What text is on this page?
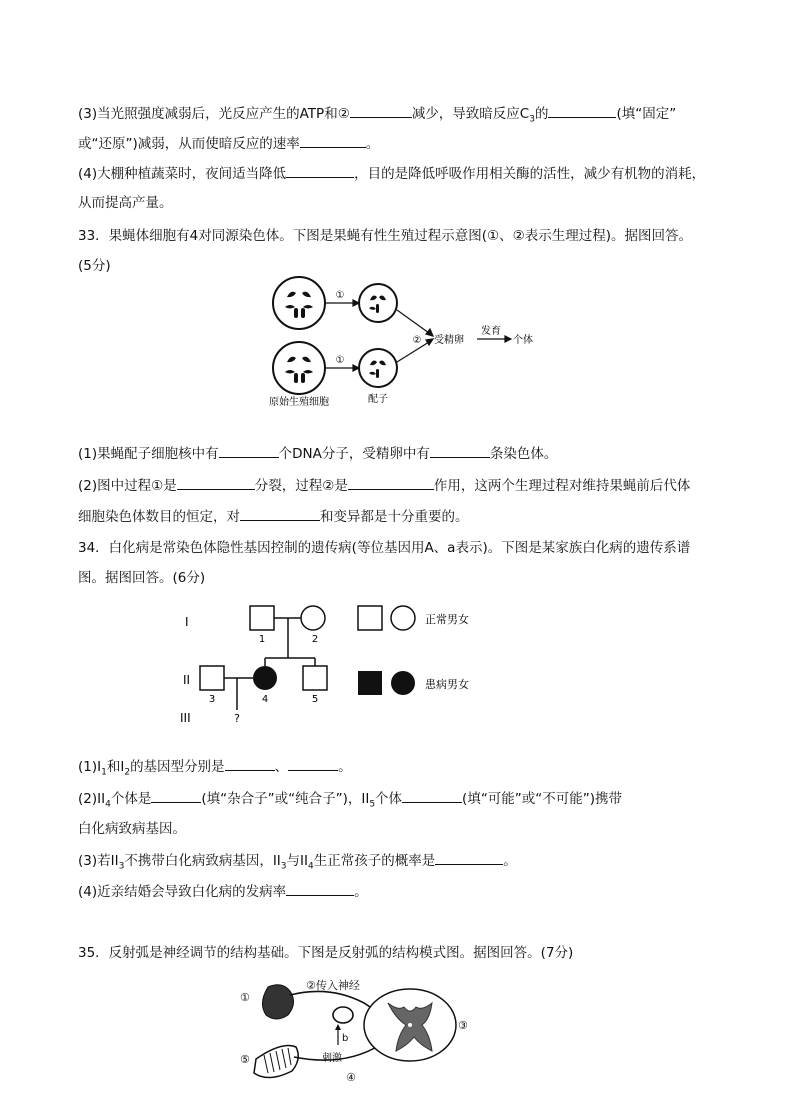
(3)当光照强度减弱后，光反应产生的ATP和②	减少，导致暗反应$C_3$的	(填“固定”
或“还原”)减弱，从而使暗反应的速率	。
(4)大棚种植蔬菜时，夜间适当降低	，目的是降低呼吸作用相关酶的活性，减少有机物的消耗，
从而提高产量。
33．果蝇体细胞有4对同源染色体。下图是果蝇有性生殖过程示意图(①、②表示生理过程)。据图回答。
(5分)
①
①
② 受精卵
发育
个体
原始生殖细胞	配子
(1)果蝇配子细胞核中有	个DNA分子，受精卵中有	条染色体。
(2)图中过程①是	分裂，过程②是	作用，这两个生理过程对维持果蝇前后代体
细胞染色体数目的恒定，对	和变异都是十分重要的。
34．白化病是常染色体隐性基因控制的遗传病(等位基因用A、a表示)。下图是某家族白化病的遗传系谱
图。据图回答。(6分)
I
II
III
1	2
3	4	5
?
正常男女
患病男女
$(1)I_1$和$I_2$的基因型分别是	、	。
$(2)II_4$个体是	(填“杂合子”或“纯合子”)，$II_5$个体	(填“可能”或“不可能”)携带
白化病致病基因。
(3)若$II_3$不携带白化病致病基因，$II_3$与$II_4$生正常孩子的概率是	。
(4)近亲结婚会导致白化病的发病率	。
35．反射弧是神经调节的结构基础。下图是反射弧的结构模式图。据图回答。(7分)
①
②传入神经
③
④
⑤
b
刺激
